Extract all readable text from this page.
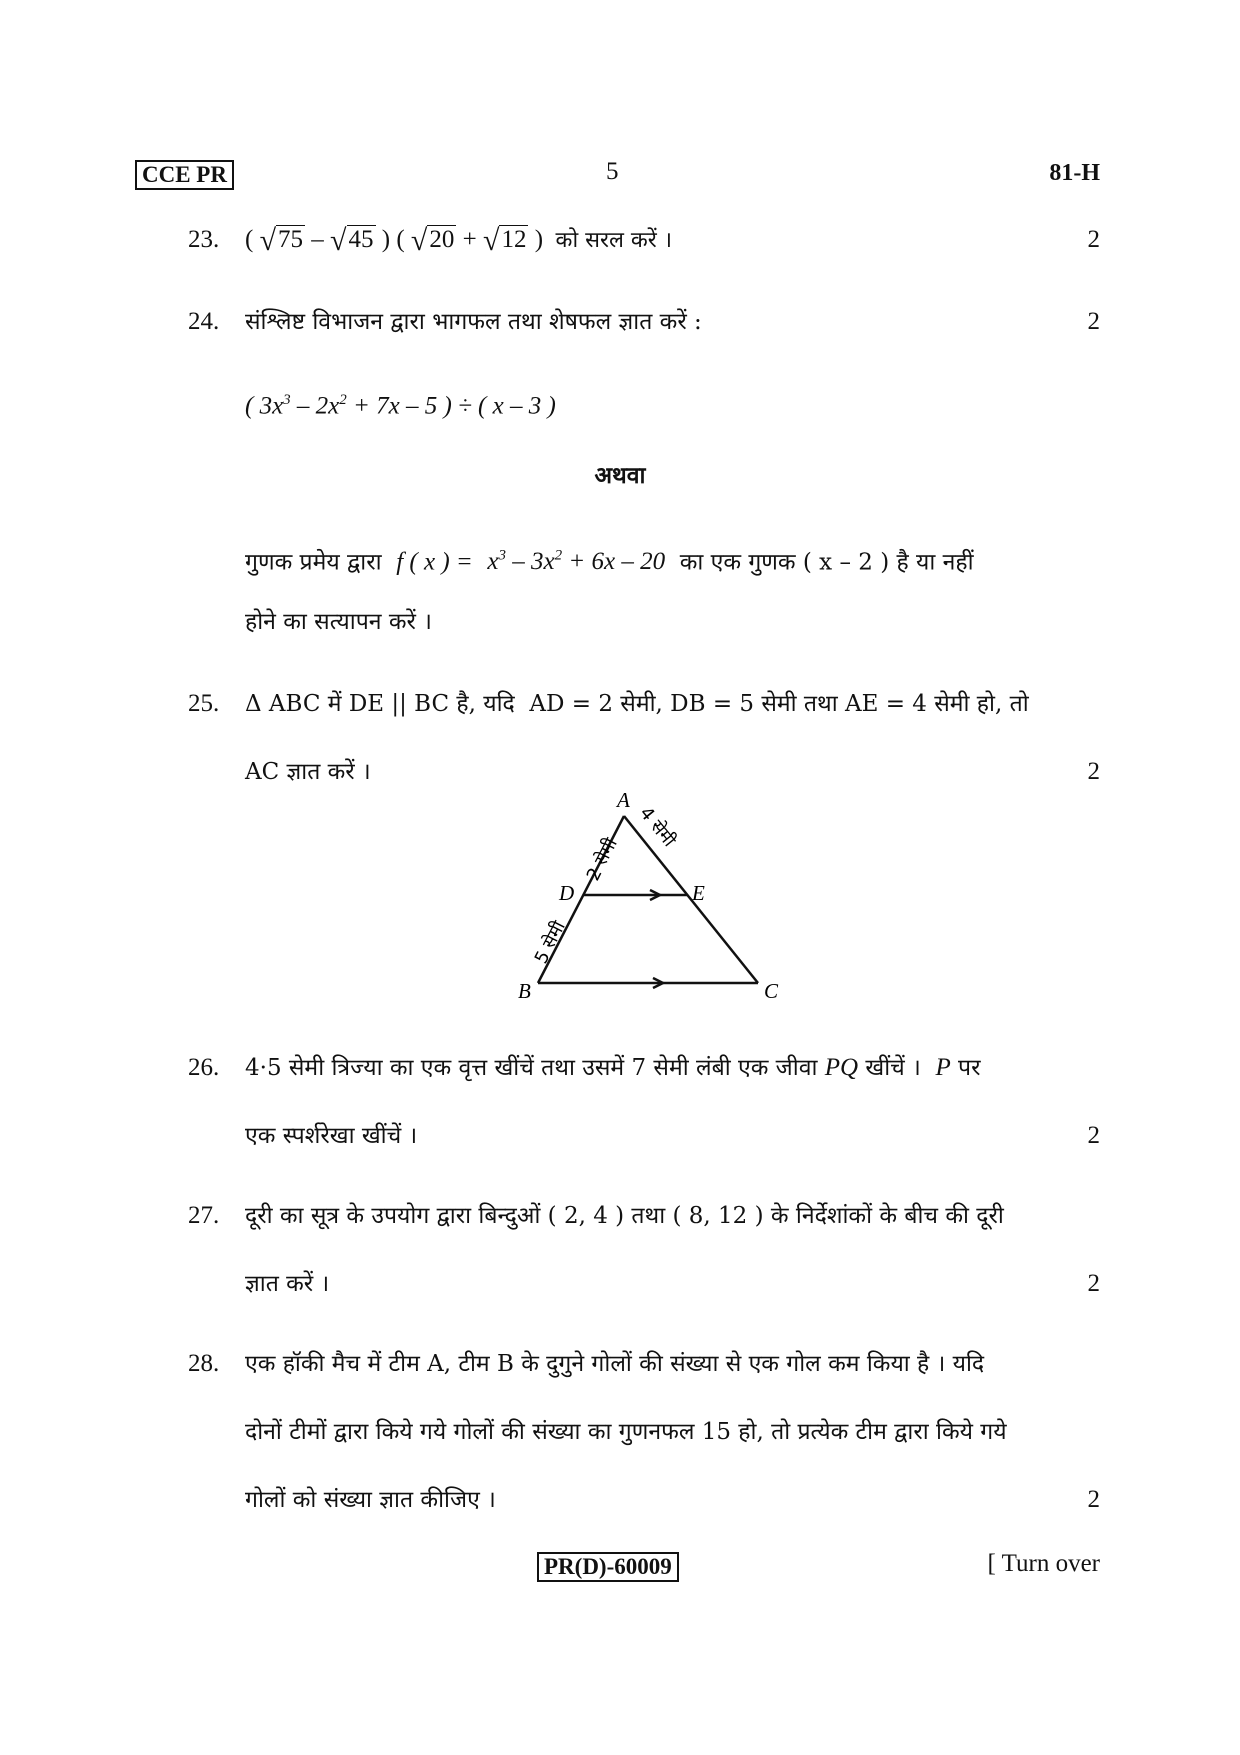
CCE PR	5	81-H
23. ( √75 – √45 ) ( √20 + √12 ) को सरल करें ।	2
24. संश्लिष्ट विभाजन द्वारा भागफल तथा शेषफल ज्ञात करें :	2
( $3x^3 - 2x^2 + 7x - 5$ ) ÷ ( x – 3 )
अथवा
गुणक प्रमेय द्वारा f ( x ) = $x^3 - 3x^2 + 6x - 20$ का एक गुणक ( x – 2 ) है या नहीं
होने का सत्यापन करें ।
25. Δ ABC में DE || BC है, यदि AD = 2 सेमी, DB = 5 सेमी तथा AE = 4 सेमी हो, तो
AC ज्ञात करें ।	2
A
B	C
D	E
2 सेमी
5 सेमी
4 सेमी
26. 4·5 सेमी त्रिज्या का एक वृत्त खींचें तथा उसमें 7 सेमी लंबी एक जीवा PQ खींचें । P पर
एक स्पर्शरेखा खींचें ।	2
27. दूरी का सूत्र के उपयोग द्वारा बिन्दुओं ( 2, 4 ) तथा ( 8, 12 ) के निर्देशांकों के बीच की दूरी
ज्ञात करें ।	2
28. एक हॉकी मैच में टीम A, टीम B के दुगुने गोलों की संख्या से एक गोल कम किया है । यदि
दोनों टीमों द्वारा किये गये गोलों की संख्या का गुणनफल 15 हो, तो प्रत्येक टीम द्वारा किये गये
गोलों को संख्या ज्ञात कीजिए ।	2
PR(D)-60009	[ Turn over
